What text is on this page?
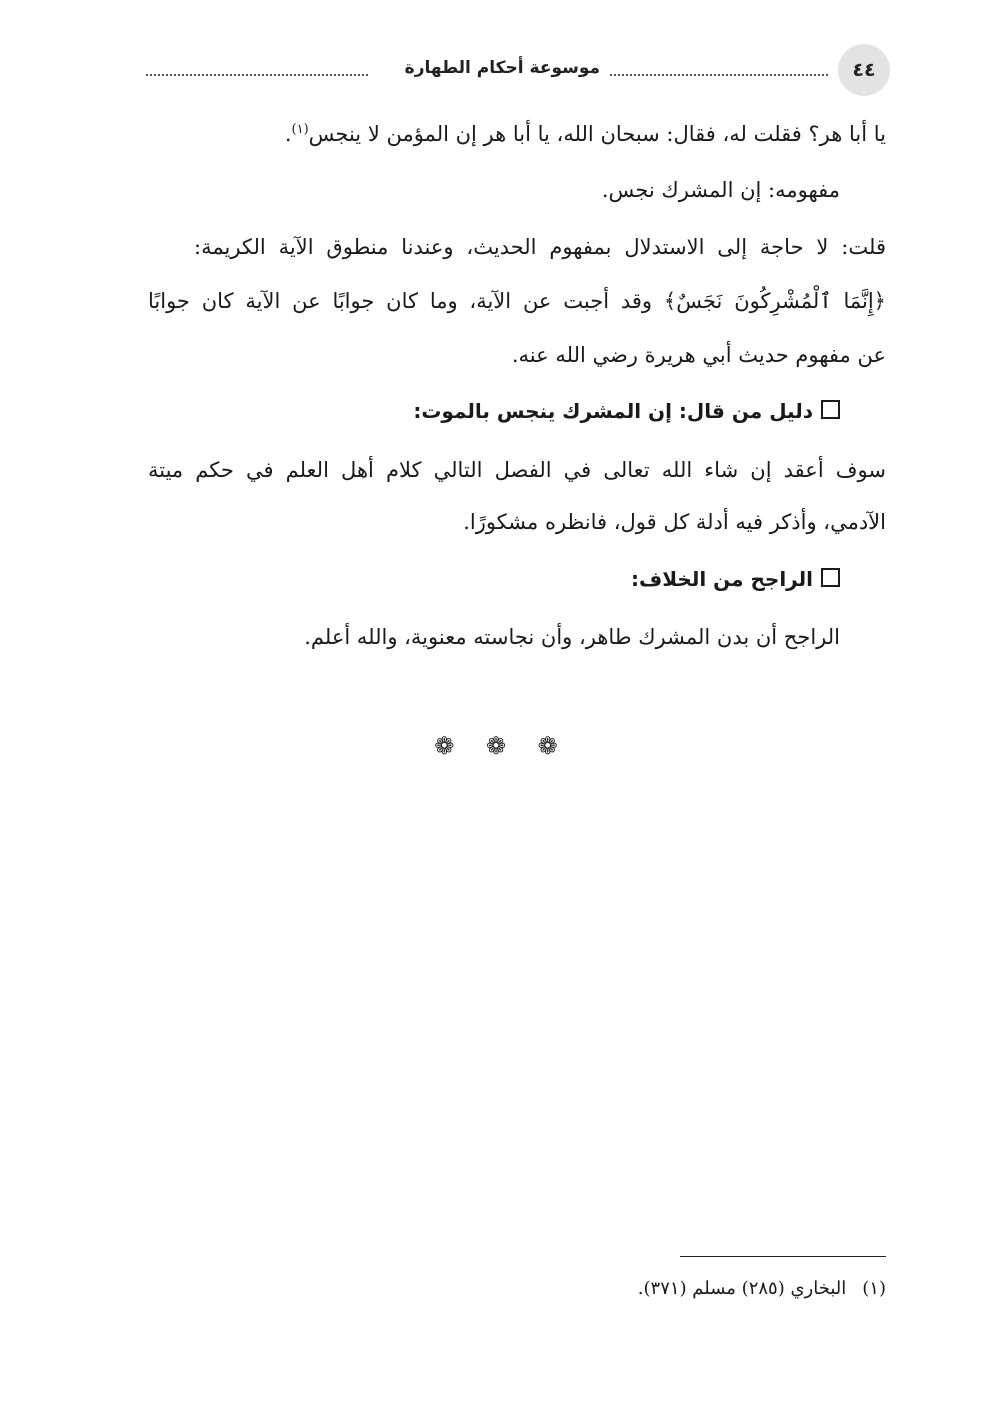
٤٤
موسوعة أحكام الطهارة
يا أبا هر؟ فقلت له، فقال: سبحان الله، يا أبا هر إن المؤمن لا ينجس$^{(١)}$.
مفهومه: إن المشرك نجس.
قلت: لا حاجة إلى الاستدلال بمفهوم الحديث، وعندنا منطوق الآية الكريمة:
﴿إِنَّمَا ٱلْمُشْرِكُونَ نَجَسٌ﴾ وقد أجبت عن الآية، وما كان جوابًا عن الآية كان جوابًا
عن مفهوم حديث أبي هريرة رضي الله عنه.
دليل من قال: إن المشرك ينجس بالموت:
سوف أعقد إن شاء الله تعالى في الفصل التالي كلام أهل العلم في حكم ميتة
الآدمي، وأذكر فيه أدلة كل قول، فانظره مشكورًا.
الراجح من الخلاف:
الراجح أن بدن المشرك طاهر، وأن نجاسته معنوية، والله أعلم.
❁ ❁ ❁
(١)البخاري (٢٨٥) مسلم (٣٧١).
